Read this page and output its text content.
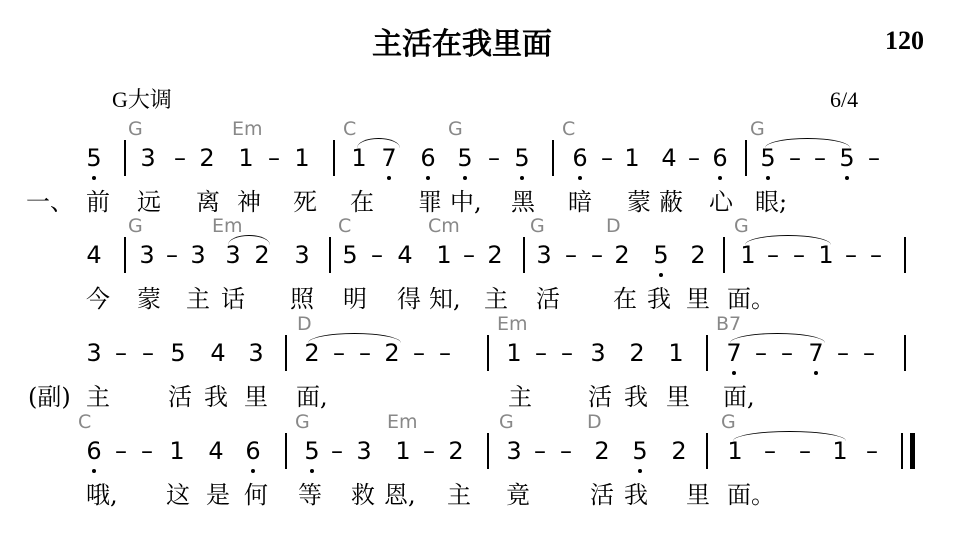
主活在我里面	120
G大调	6/4
G	Em	C	G	C	G
5 3 – 2 1 – 1 1 7 6 5 – 5 6 – 1 4 – 6 5 – – 5 –
一、 前 远 离 神 死 在 罪 中, 黑 暗 蒙 蔽 心 眼;
G	Em	C	Cm	G	D	G
4 3 – 3 3 2 3 5 – 4 1 – 2 3 – – 2 5 2 1 – – 1 – –
今 蒙 主 话 照 明 得 知, 主 活 在 我 里 面。
D	Em	B7
3 – – 5 4 3 2 – – 2 – – 1 – – 3 2 1 7 – – 7 – –
(副) 主 活 我 里 面,	主 活 我 里 面,
C	G	Em	G	D	G
6 – – 1 4 6 5 – 3 1 – 2 3 – – 2 5 2 1 – – 1 –
哦, 这 是 何 等 救 恩, 主 竟	活 我 里 面。
